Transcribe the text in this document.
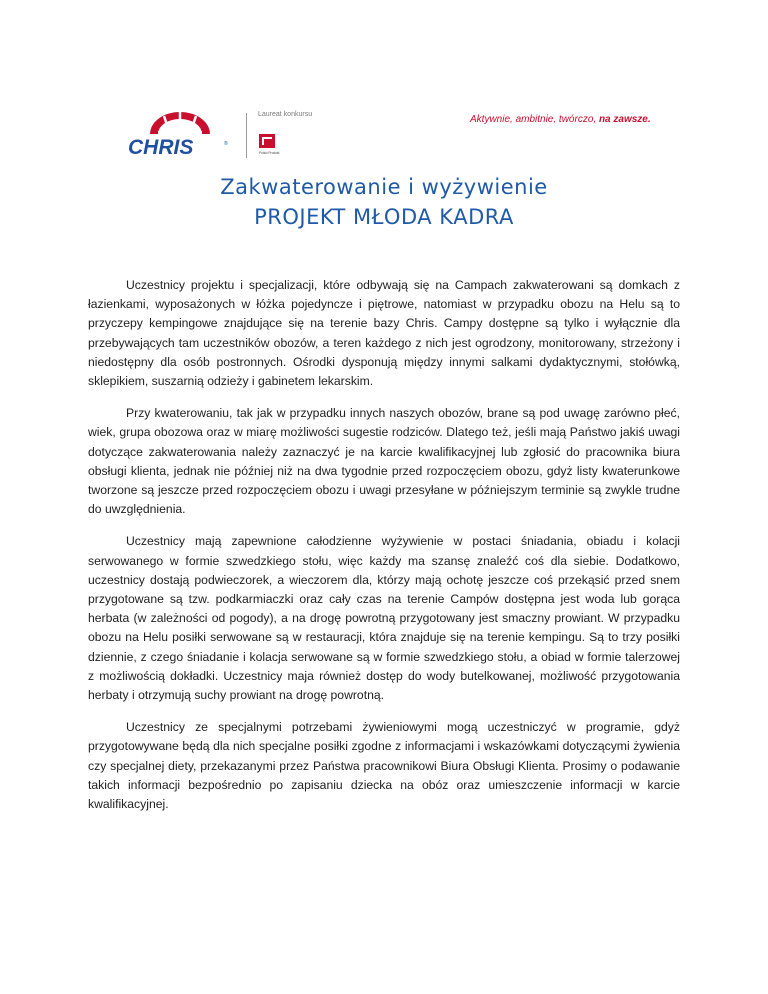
CHRIS	®
Laureat konkursu
Polski Produkt
Aktywnie, ambitnie, twórczo, na zawsze.
Zakwaterowanie i wyżywienie
PROJEKT MŁODA KADRA

Uczestnicy projektu i specjalizacji, które odbywają się na Campach zakwaterowani są domkach z łazienkami, wyposażonych w łóżka pojedyncze i piętrowe, natomiast w przypadku obozu na Helu są to przyczepy kempingowe znajdujące się na terenie bazy Chris. Campy dostępne są tylko i wyłącznie dla przebywających tam uczestników obozów, a teren każdego z nich jest ogrodzony, monitorowany, strzeżony i niedostępny dla osób postronnych. Ośrodki dysponują między innymi salkami dydaktycznymi, stołówką, sklepikiem, suszarnią odzieży i gabinetem lekarskim.

Przy kwaterowaniu, tak jak w przypadku innych naszych obozów, brane są pod uwagę zarówno płeć, wiek, grupa obozowa oraz w miarę możliwości sugestie rodziców. Dlatego też, jeśli mają Państwo jakiś uwagi dotyczące zakwaterowania należy zaznaczyć je na karcie kwalifikacyjnej lub zgłosić do pracownika biura obsługi klienta, jednak nie później niż na dwa tygodnie przed rozpoczęciem obozu, gdyż listy kwaterunkowe tworzone są jeszcze przed rozpoczęciem obozu i uwagi przesyłane w późniejszym terminie są zwykle trudne do uwzględnienia.

Uczestnicy mają zapewnione całodzienne wyżywienie w postaci śniadania, obiadu i kolacji serwowanego w formie szwedzkiego stołu, więc każdy ma szansę znaleźć coś dla siebie. Dodatkowo, uczestnicy dostają podwieczorek, a wieczorem dla, którzy mają ochotę jeszcze coś przekąsić przed snem przygotowane są tzw. podkarmiaczki oraz cały czas na terenie Campów dostępna jest woda lub gorąca herbata (w zależności od pogody), a na drogę powrotną przygotowany jest smaczny prowiant. W przypadku obozu na Helu posiłki serwowane są w restauracji, która znajduje się na terenie kempingu. Są to trzy posiłki dziennie, z czego śniadanie i kolacja serwowane są w formie szwedzkiego stołu, a obiad w formie talerzowej z możliwością dokładki. Uczestnicy maja również dostęp do wody butelkowanej, możliwość przygotowania herbaty i otrzymują suchy prowiant na drogę powrotną.

Uczestnicy ze specjalnymi potrzebami żywieniowymi mogą uczestniczyć w programie, gdyż przygotowywane będą dla nich specjalne posiłki zgodne z informacjami i wskazówkami dotyczącymi żywienia czy specjalnej diety, przekazanymi przez Państwa pracownikowi Biura Obsługi Klienta. Prosimy o podawanie takich informacji bezpośrednio po zapisaniu dziecka na obóz oraz umieszczenie informacji w karcie kwalifikacyjnej.
